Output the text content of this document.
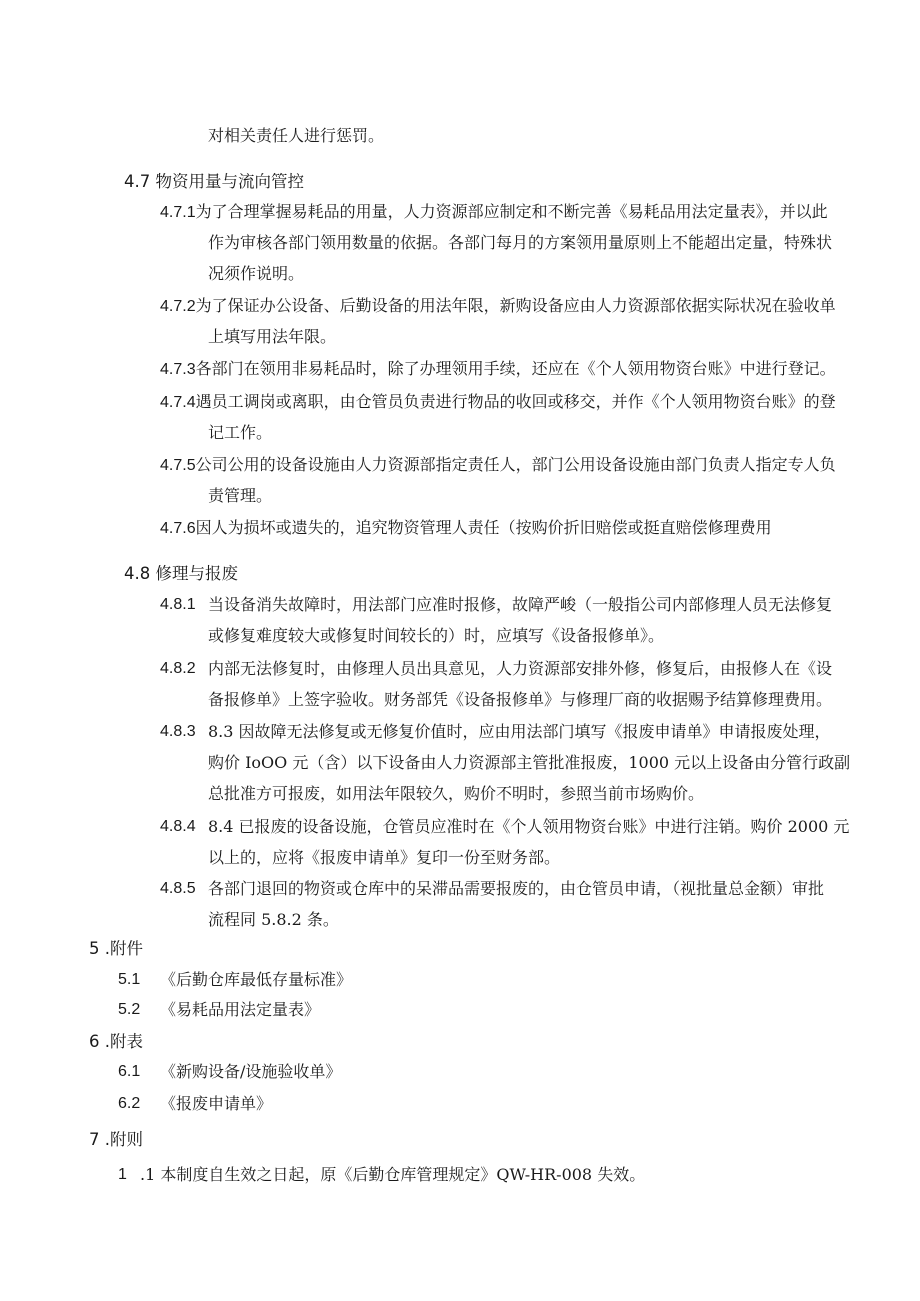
对相关责任人进行惩罚。
4.7 物资用量与流向管控
4.7.1为了合理掌握易耗品的用量，人力资源部应制定和不断完善《易耗品用法定量表》，并以此
作为审核各部门领用数量的依据。各部门每月的方案领用量原则上不能超出定量，特殊状
况须作说明。
4.7.2为了保证办公设备、后勤设备的用法年限，新购设备应由人力资源部依据实际状况在验收单
上填写用法年限。
4.7.3各部门在领用非易耗品时，除了办理领用手续，还应在《个人领用物资台账》中进行登记。
4.7.4遇员工调岗或离职，由仓管员负责进行物品的收回或移交，并作《个人领用物资台账》的登
记工作。
4.7.5公司公用的设备设施由人力资源部指定责任人，部门公用设备设施由部门负责人指定专人负
责管理。
4.7.6因人为损坏或遗失的，追究物资管理人责任（按购价折旧赔偿或挺直赔偿修理费用
4.8 修理与报废
4.8.1 当设备消失故障时，用法部门应准时报修，故障严峻（一般指公司内部修理人员无法修复
或修复难度较大或修复时间较长的）时，应填写《设备报修单》。
4.8.2 内部无法修复时，由修理人员出具意见，人力资源部安排外修，修复后，由报修人在《设
备报修单》上签字验收。财务部凭《设备报修单》与修理厂商的收据赐予结算修理费用。
4.8.3 8.3 因故障无法修复或无修复价值时，应由用法部门填写《报废申请单》申请报废处理，
购价 IoOO 元（含）以下设备由人力资源部主管批准报废，1000 元以上设备由分管行政副
总批准方可报废，如用法年限较久，购价不明时，参照当前市场购价。
4.8.4 8.4 已报废的设备设施，仓管员应准时在《个人领用物资台账》中进行注销。购价 2000 元
以上的，应将《报废申请单》复印一份至财务部。
4.8.5 各部门退回的物资或仓库中的呆滞品需要报废的，由仓管员申请，（视批量总金额）审批
流程同 5.8.2 条。
5 .附件
5.1 《后勤仓库最低存量标准》
5.2 《易耗品用法定量表》
6 .附表
6.1 《新购设备/设施验收单》
6.2 《报废申请单》
7 .附则
1 .1 本制度自生效之日起，原《后勤仓库管理规定》QW-HR-008 失效。
